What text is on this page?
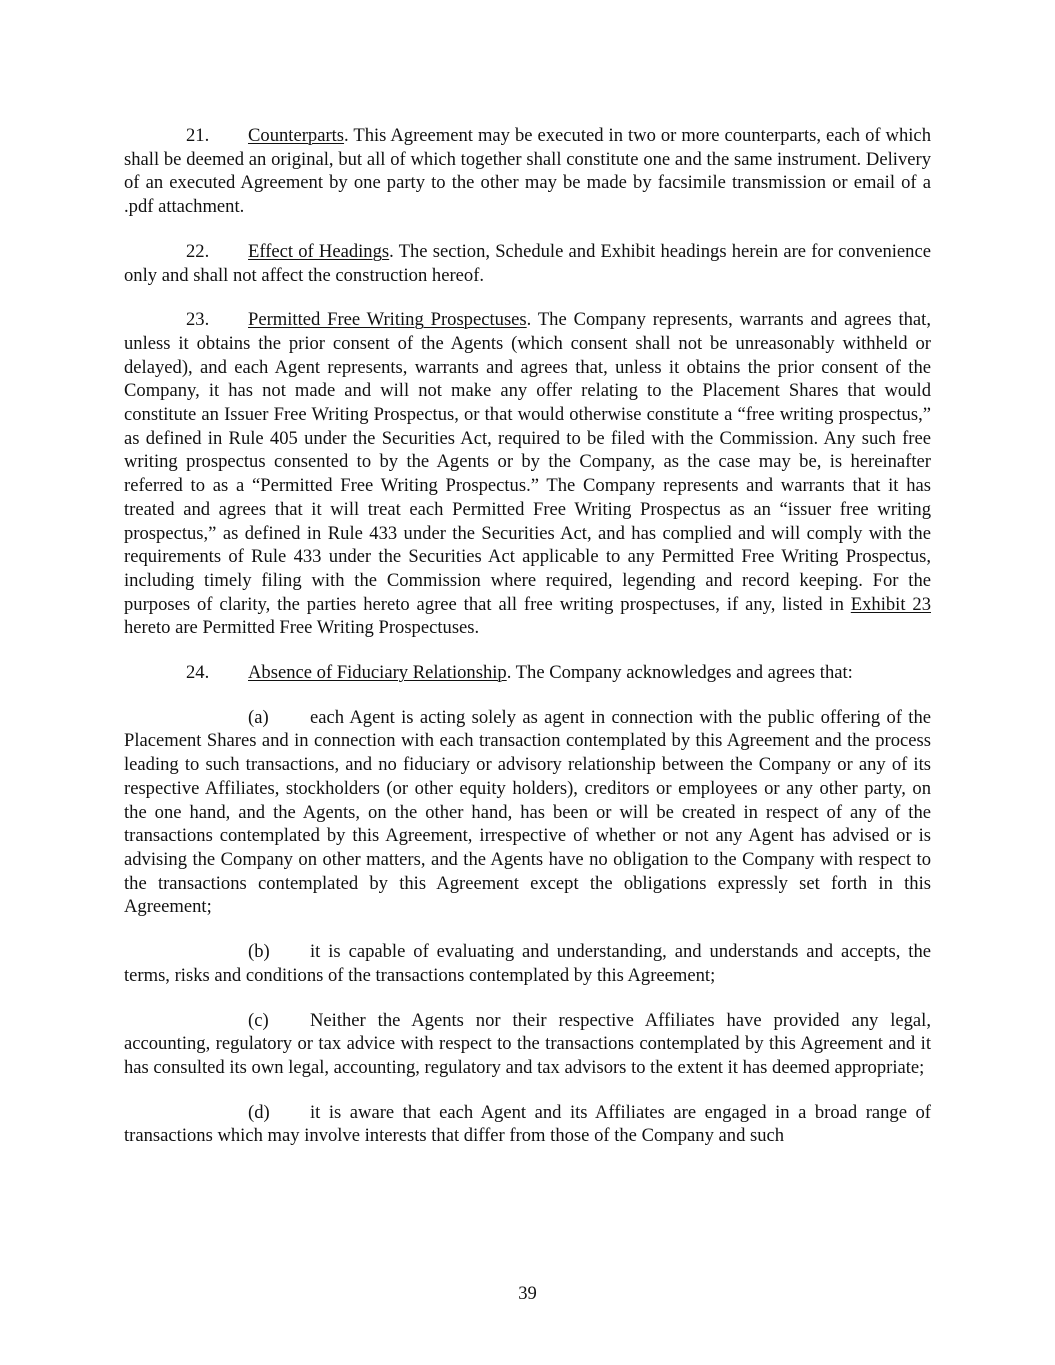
21. Counterparts. This Agreement may be executed in two or more counterparts, each of which shall be deemed an original, but all of which together shall constitute one and the same instrument. Delivery of an executed Agreement by one party to the other may be made by facsimile transmission or email of a .pdf attachment.

22. Effect of Headings. The section, Schedule and Exhibit headings herein are for convenience only and shall not affect the construction hereof.

23. Permitted Free Writing Prospectuses. The Company represents, warrants and agrees that, unless it obtains the prior consent of the Agents (which consent shall not be unreasonably withheld or delayed), and each Agent represents, warrants and agrees that, unless it obtains the prior consent of the Company, it has not made and will not make any offer relating to the Placement Shares that would constitute an Issuer Free Writing Prospectus, or that would otherwise constitute a “free writing prospectus,” as defined in Rule 405 under the Securities Act, required to be filed with the Commission. Any such free writing prospectus consented to by the Agents or by the Company, as the case may be, is hereinafter referred to as a “Permitted Free Writing Prospectus.” The Company represents and warrants that it has treated and agrees that it will treat each Permitted Free Writing Prospectus as an “issuer free writing prospectus,” as defined in Rule 433 under the Securities Act, and has complied and will comply with the requirements of Rule 433 under the Securities Act applicable to any Permitted Free Writing Prospectus, including timely filing with the Commission where required, legending and record keeping. For the purposes of clarity, the parties hereto agree that all free writing prospectuses, if any, listed in Exhibit 23 hereto are Permitted Free Writing Prospectuses.

24. Absence of Fiduciary Relationship. The Company acknowledges and agrees that:

(a) each Agent is acting solely as agent in connection with the public offering of the Placement Shares and in connection with each transaction contemplated by this Agreement and the process leading to such transactions, and no fiduciary or advisory relationship between the Company or any of its respective Affiliates, stockholders (or other equity holders), creditors or employees or any other party, on the one hand, and the Agents, on the other hand, has been or will be created in respect of any of the transactions contemplated by this Agreement, irrespective of whether or not any Agent has advised or is advising the Company on other matters, and the Agents have no obligation to the Company with respect to the transactions contemplated by this Agreement except the obligations expressly set forth in this Agreement;

(b) it is capable of evaluating and understanding, and understands and accepts, the terms, risks and conditions of the transactions contemplated by this Agreement;

(c) Neither the Agents nor their respective Affiliates have provided any legal, accounting, regulatory or tax advice with respect to the transactions contemplated by this Agreement and it has consulted its own legal, accounting, regulatory and tax advisors to the extent it has deemed appropriate;

(d) it is aware that each Agent and its Affiliates are engaged in a broad range of transactions which may involve interests that differ from those of the Company and such

39
